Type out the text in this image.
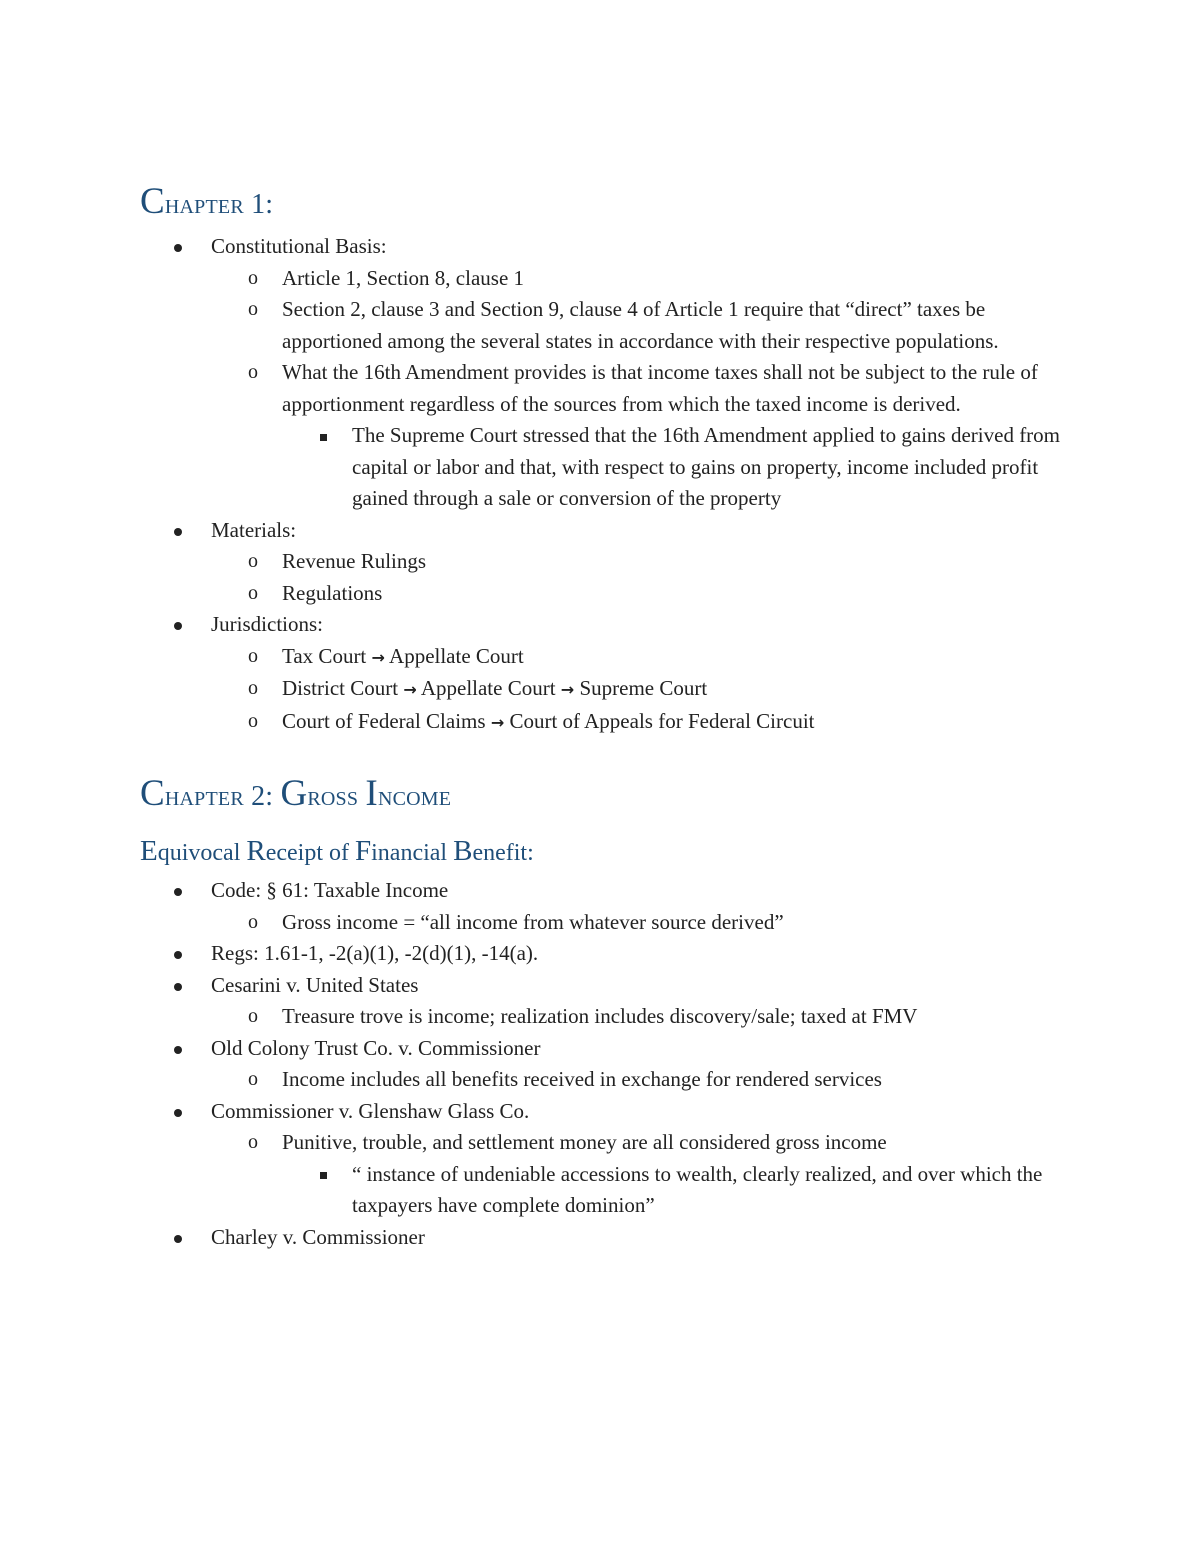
Chapter 1:
Constitutional Basis:
o Article 1, Section 8, clause 1
o Section 2, clause 3 and Section 9, clause 4 of Article 1 require that “direct” taxes be apportioned among the several states in accordance with their respective populations.
o What the 16th Amendment provides is that income taxes shall not be subject to the rule of apportionment regardless of the sources from which the taxed income is derived.
The Supreme Court stressed that the 16th Amendment applied to gains derived from capital or labor and that, with respect to gains on property, income included profit gained through a sale or conversion of the property
Materials:
o Revenue Rulings
o Regulations
Jurisdictions:
o Tax Court → Appellate Court
o District Court → Appellate Court → Supreme Court
o Court of Federal Claims → Court of Appeals for Federal Circuit
Chapter 2: Gross Income
Equivocal Receipt of Financial Benefit:
Code: § 61: Taxable Income
o Gross income = “all income from whatever source derived”
Regs: 1.61-1, -2(a)(1), -2(d)(1), -14(a).
Cesarini v. United States
o Treasure trove is income; realization includes discovery/sale; taxed at FMV
Old Colony Trust Co. v. Commissioner
o Income includes all benefits received in exchange for rendered services
Commissioner v. Glenshaw Glass Co.
o Punitive, trouble, and settlement money are all considered gross income
“ instance of undeniable accessions to wealth, clearly realized, and over which the taxpayers have complete dominion”
Charley v. Commissioner
